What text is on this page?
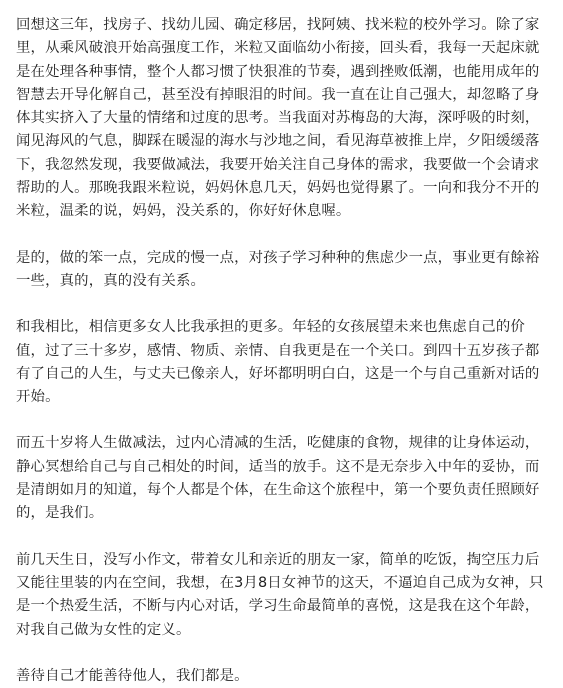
回想这三年，找房子、找幼儿园、确定移居，找阿姨、找米粒的校外学习。除了家里，从乘风破浪开始高强度工作，米粒又面临幼小衔接，回头看，我每一天起床就是在处理各种事情，整个人都习惯了快狠准的节奏，遇到挫败低潮，也能用成年的智慧去开导化解自己，甚至没有掉眼泪的时间。我一直在让自己强大，却忽略了身体其实挤入了大量的情绪和过度的思考。当我面对苏梅岛的大海，深呼吸的时刻，闻见海风的气息，脚踩在暖湿的海水与沙地之间，看见海草被推上岸，夕阳缓缓落下，我忽然发现，我要做减法，我要开始关注自己身体的需求，我要做一个会请求帮助的人。那晚我跟米粒说，妈妈休息几天，妈妈也觉得累了。一向和我分不开的米粒，温柔的说，妈妈，没关系的，你好好休息喔。

是的，做的笨一点，完成的慢一点，对孩子学习种种的焦虑少一点，事业更有餘裕一些，真的，真的没有关系。

和我相比，相信更多女人比我承担的更多。年轻的女孩展望未来也焦虑自己的价值，过了三十多岁，感情、物质、亲情、自我更是在一个关口。到四十五岁孩子都有了自己的人生，与丈夫已像亲人，好坏都明明白白，这是一个与自己重新对话的开始。

而五十岁将人生做减法，过内心清减的生活，吃健康的食物，规律的让身体运动，静心冥想给自己与自己相处的时间，适当的放手。这不是无奈步入中年的妥协，而是清朗如月的知道，每个人都是个体，在生命这个旅程中，第一个要负责任照顾好的，是我们。

前几天生日，没写小作文，带着女儿和亲近的朋友一家，简单的吃饭，掏空压力后又能往里装的内在空间，我想，在3月8日女神节的这天，不逼迫自己成为女神，只是一个热爱生活，不断与内心对话，学习生命最简单的喜悦，这是我在这个年龄，对我自己做为女性的定义。

善待自己才能善待他人，我们都是。
